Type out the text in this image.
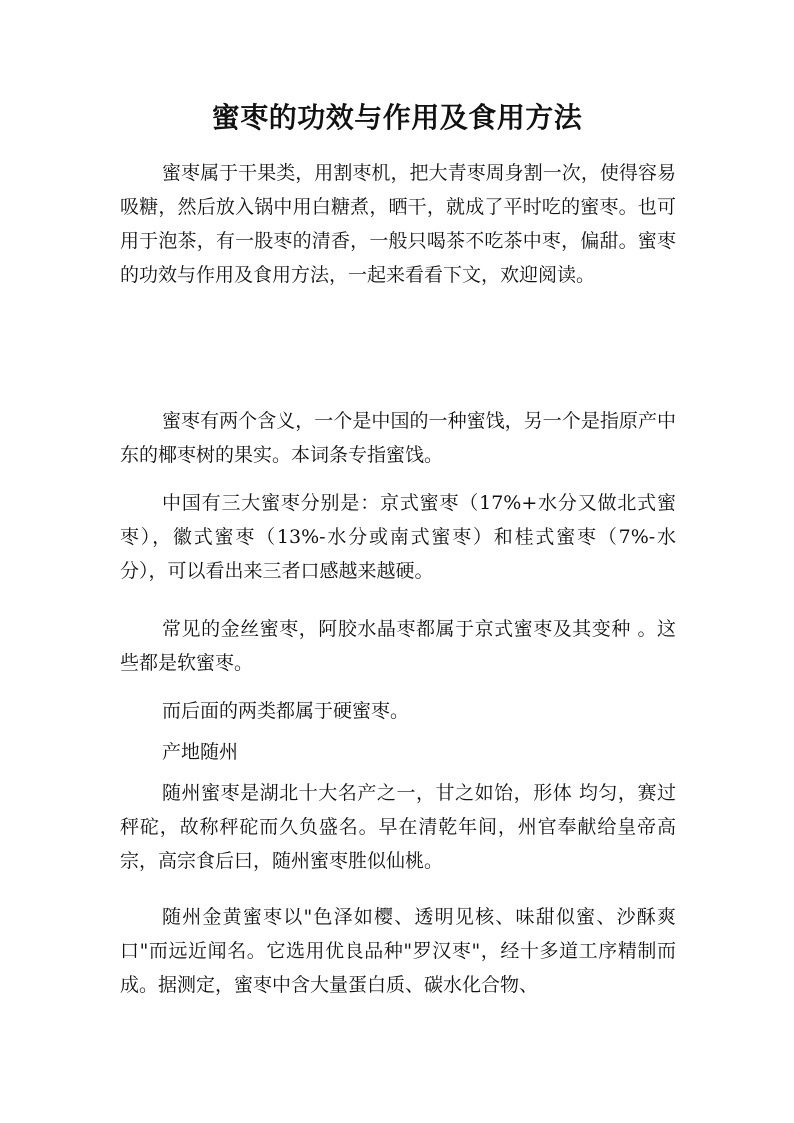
蜜枣的功效与作用及食用方法

蜜枣属于干果类，用割枣机，把大青枣周身割一次，使得容易吸糖，然后放入锅中用白糖煮，晒干，就成了平时吃的蜜枣。也可用于泡茶，有一股枣的清香，一般只喝茶不吃茶中枣，偏甜。蜜枣的功效与作用及食用方法，一起来看看下文，欢迎阅读。

蜜枣有两个含义，一个是中国的一种蜜饯，另一个是指原产中东的椰枣树的果实。本词条专指蜜饯。

中国有三大蜜枣分别是：京式蜜枣（17%+水分又做北式蜜枣），徽式蜜枣（13%-水分或南式蜜枣）和桂式蜜枣（7%-水分），可以看出来三者口感越来越硬。

常见的金丝蜜枣，阿胶水晶枣都属于京式蜜枣及其变种 。这些都是软蜜枣。

而后面的两类都属于硬蜜枣。

产地随州

随州蜜枣是湖北十大名产之一，甘之如饴，形体 均匀，赛过秤砣，故称秤砣而久负盛名。早在清乾年间，州官奉献给皇帝高宗，高宗食后曰，随州蜜枣胜似仙桃。

随州金黄蜜枣以"色泽如樱、透明见核、味甜似蜜、沙酥爽口"而远近闻名。它选用优良品种"罗汉枣"，经十多道工序精制而成。据测定，蜜枣中含大量蛋白质、碳水化合物、
